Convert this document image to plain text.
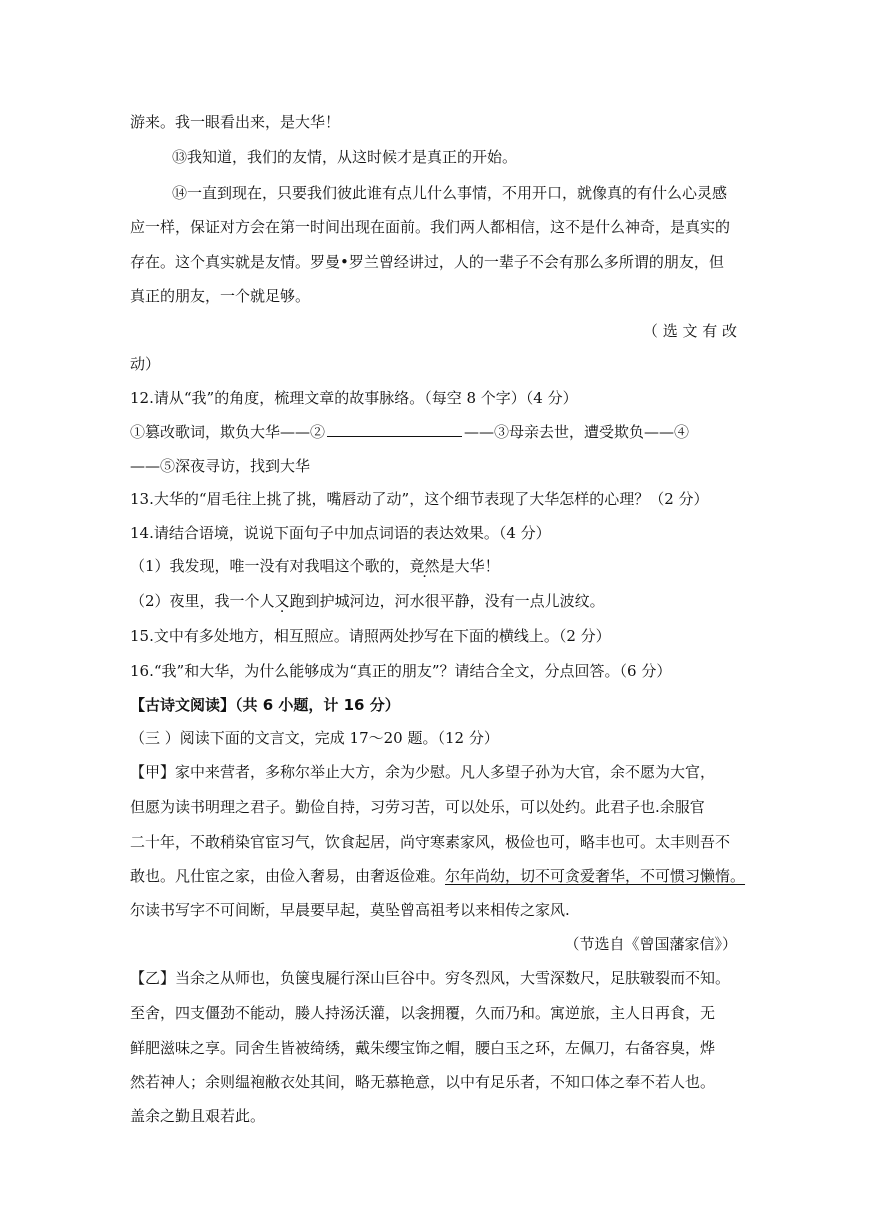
游来。我一眼看出来，是大华！
⑬我知道，我们的友情，从这时候才是真正的开始。
⑭一直到现在，只要我们彼此谁有点儿什么事情，不用开口，就像真的有什么心灵感
应一样，保证对方会在第一时间出现在面前。我们两人都相信，这不是什么神奇，是真实的
存在。这个真实就是友情。罗曼•罗兰曾经讲过，人的一辈子不会有那么多所谓的朋友，但
真正的朋友，一个就足够。
（ 选 文 有 改
动）
12.请从“我”的角度，梳理文章的故事脉络。（每空 8 个字）（4 分）
①篡改歌词，欺负大华——②	——③母亲去世，遭受欺负——④
——⑤深夜寻访，找到大华
13.大华的“眉毛往上挑了挑，嘴唇动了动”，这个细节表现了大华怎样的心理？（2 分）
14.请结合语境，说说下面句子中加点词语的表达效果。（4 分）
（1）我发现，唯一没有对我唱这个歌的，竟然是大华！
（2）夜里，我一个人又跑到护城河边，河水很平静，没有一点儿波纹。
15.文中有多处地方，相互照应。请照两处抄写在下面的横线上。（2 分）
16.“我”和大华，为什么能够成为“真正的朋友”？请结合全文，分点回答。（6 分）
【古诗文阅读】（共 6 小题，计 16 分）
（三 ）阅读下面的文言文，完成 17～20 题。（12 分）
【甲】家中来营者，多称尔举止大方，余为少慰。凡人多望子孙为大官，余不愿为大官，
但愿为读书明理之君子。勤俭自持，习劳习苦，可以处乐，可以处约。此君子也.余服官
二十年，不敢稍染官宦习气，饮食起居，尚守寒素家风，极俭也可，略丰也可。太丰则吾不
敢也。凡仕宦之家，由俭入奢易，由奢返俭难。尔年尚幼，切不可贪爱奢华，不可惯习懒惰。
尔读书写字不可间断，早晨要早起，莫坠曾高祖考以来相传之家风.
（节选自《曾国藩家信》）
【乙】当余之从师也，负箧曳屣行深山巨谷中。穷冬烈风，大雪深数尺，足肤皲裂而不知。
至舍，四支僵劲不能动，媵人持汤沃灌，以衾拥覆，久而乃和。寓逆旅，主人日再食，无
鲜肥滋味之享。同舍生皆被绮绣，戴朱缨宝饰之帽，腰白玉之环，左佩刀，右备容臭，烨
然若神人；余则缊袍敝衣处其间，略无慕艳意，以中有足乐者，不知口体之奉不若人也。
盖余之勤且艰若此。
